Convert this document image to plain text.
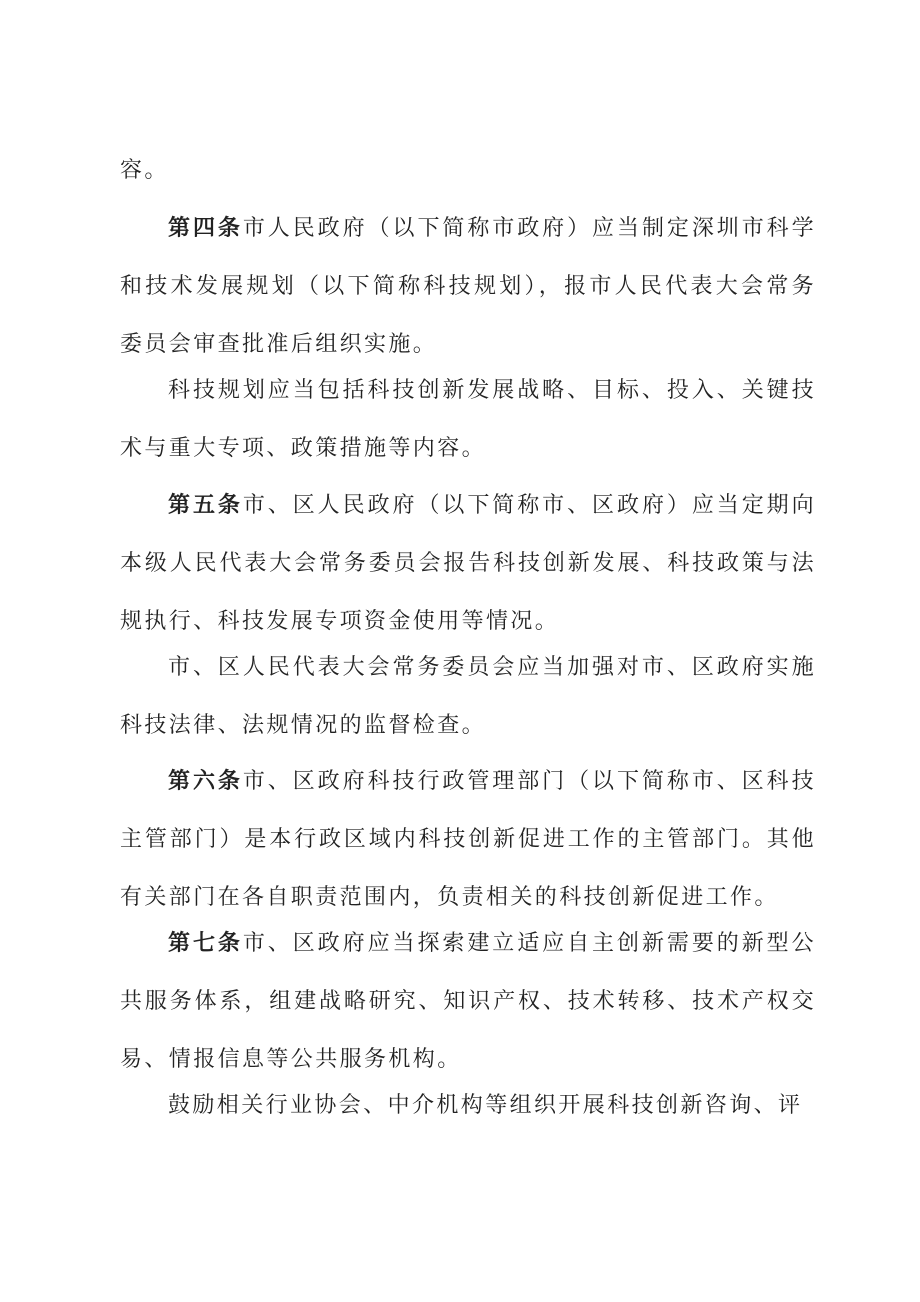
容。

第四条市人民政府（以下简称市政府）应当制定深圳市科学和技术发展规划（以下简称科技规划），报市人民代表大会常务委员会审查批准后组织实施。

科技规划应当包括科技创新发展战略、目标、投入、关键技术与重大专项、政策措施等内容。

第五条市、区人民政府（以下简称市、区政府）应当定期向本级人民代表大会常务委员会报告科技创新发展、科技政策与法规执行、科技发展专项资金使用等情况。

市、区人民代表大会常务委员会应当加强对市、区政府实施科技法律、法规情况的监督检查。

第六条市、区政府科技行政管理部门（以下简称市、区科技主管部门）是本行政区域内科技创新促进工作的主管部门。其他有关部门在各自职责范围内，负责相关的科技创新促进工作。

第七条市、区政府应当探索建立适应自主创新需要的新型公共服务体系，组建战略研究、知识产权、技术转移、技术产权交易、情报信息等公共服务机构。

鼓励相关行业协会、中介机构等组织开展科技创新咨询、评
